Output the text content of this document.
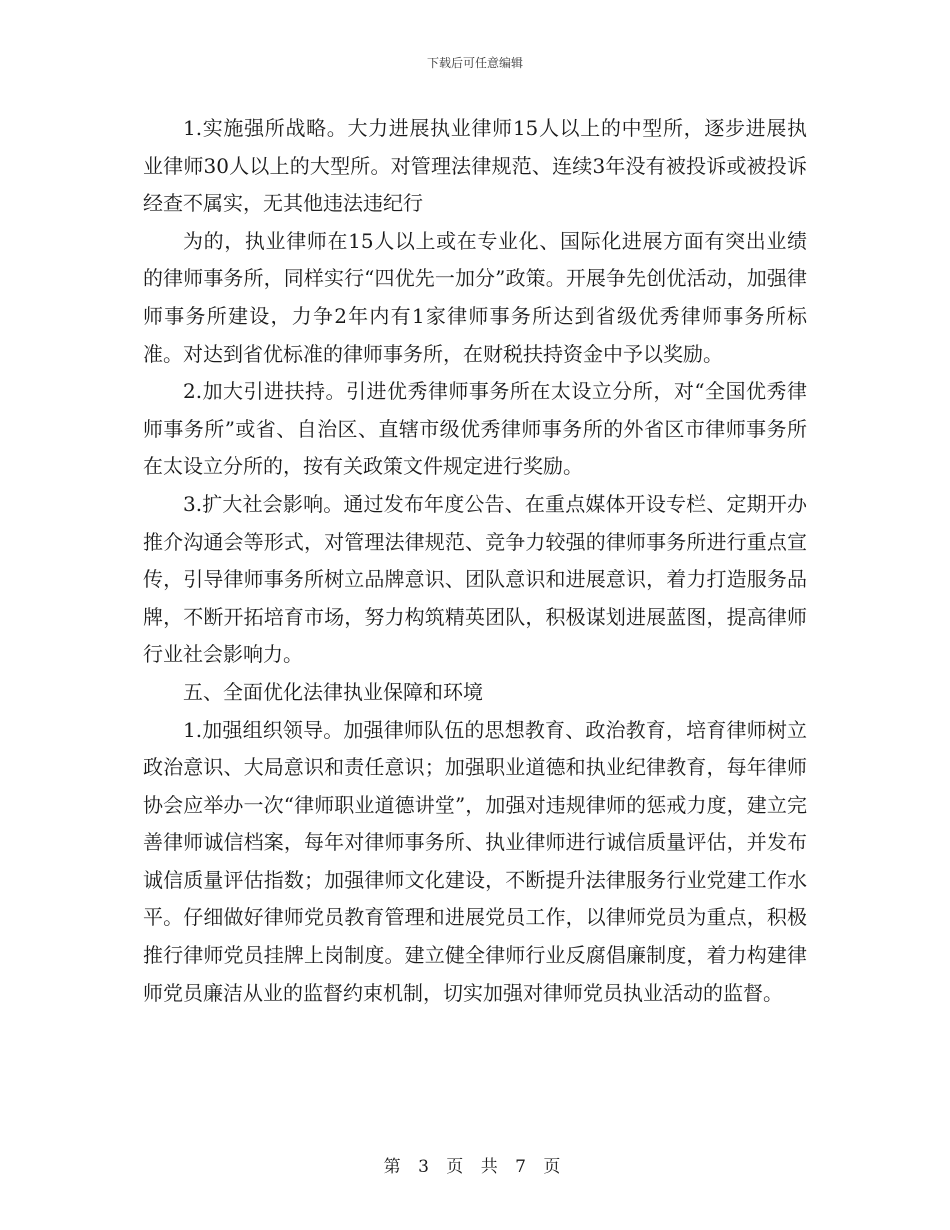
下载后可任意编辑

1.实施强所战略。大力进展执业律师15人以上的中型所，逐步进展执业律师30人以上的大型所。对管理法律规范、连续3年没有被投诉或被投诉经查不属实，无其他违法违纪行

为的，执业律师在15人以上或在专业化、国际化进展方面有突出业绩的律师事务所，同样实行“四优先一加分”政策。开展争先创优活动，加强律师事务所建设，力争2年内有1家律师事务所达到省级优秀律师事务所标准。对达到省优标准的律师事务所，在财税扶持资金中予以奖励。

2.加大引进扶持。引进优秀律师事务所在太设立分所，对“全国优秀律师事务所”或省、自治区、直辖市级优秀律师事务所的外省区市律师事务所在太设立分所的，按有关政策文件规定进行奖励。

3.扩大社会影响。通过发布年度公告、在重点媒体开设专栏、定期开办推介沟通会等形式，对管理法律规范、竞争力较强的律师事务所进行重点宣传，引导律师事务所树立品牌意识、团队意识和进展意识，着力打造服务品牌，不断开拓培育市场，努力构筑精英团队，积极谋划进展蓝图，提高律师行业社会影响力。

五、全面优化法律执业保障和环境

1.加强组织领导。加强律师队伍的思想教育、政治教育，培育律师树立政治意识、大局意识和责任意识；加强职业道德和执业纪律教育，每年律师协会应举办一次“律师职业道德讲堂”，加强对违规律师的惩戒力度，建立完善律师诚信档案，每年对律师事务所、执业律师进行诚信质量评估，并发布诚信质量评估指数；加强律师文化建设，不断提升法律服务行业党建工作水平。仔细做好律师党员教育管理和进展党员工作，以律师党员为重点，积极推行律师党员挂牌上岗制度。建立健全律师行业反腐倡廉制度，着力构建律师党员廉洁从业的监督约束机制，切实加强对律师党员执业活动的监督。

第 3 页 共 7 页
